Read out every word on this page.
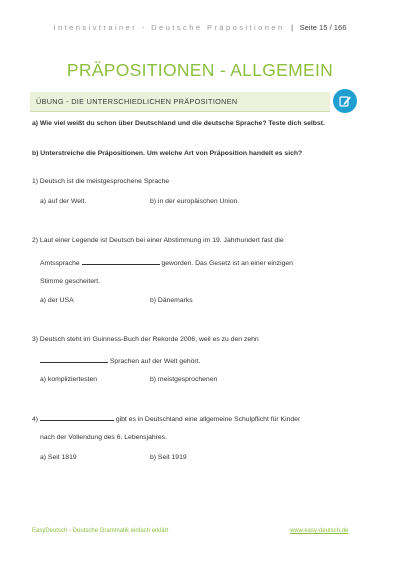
Intensivtrainer - Deutsche Präpositionen | Seite 15 / 166
PRÄPOSITIONEN - ALLGEMEIN
ÜBUNG - DIE UNTERSCHIEDLICHEN PRÄPOSITIONEN
a) Wie viel weißt du schon über Deutschland und die deutsche Sprache? Teste dich selbst.
b) Unterstreiche die Präpositionen. Um welche Art von Präposition handelt es sich?
1) Deutsch ist die meistgesprochene Sprache
a) auf der Welt.	b) in der europäischen Union.
2) Laut einer Legende ist Deutsch bei einer Abstimmung im 19. Jahrhundert fast die
Amtssprache	geworden. Das Gesetz ist an einer einzigen
Stimme gescheitert.
a) der USA	b) Dänemarks
3) Deutsch steht im Guinness-Buch der Rekorde 2006, weil es zu den zehn
Sprachen auf der Welt gehört.
a) kompliziertesten	b) meistgesprochenen
4)	gibt es in Deutschland eine allgemeine Schulpflicht für Kinder
nach der Vollendung des 6. Lebensjahres.
a) Seit 1819	b) Seit 1919
EasyDeutsch - Deutsche Grammatik einfach erklärt	www.easy-deutsch.de
